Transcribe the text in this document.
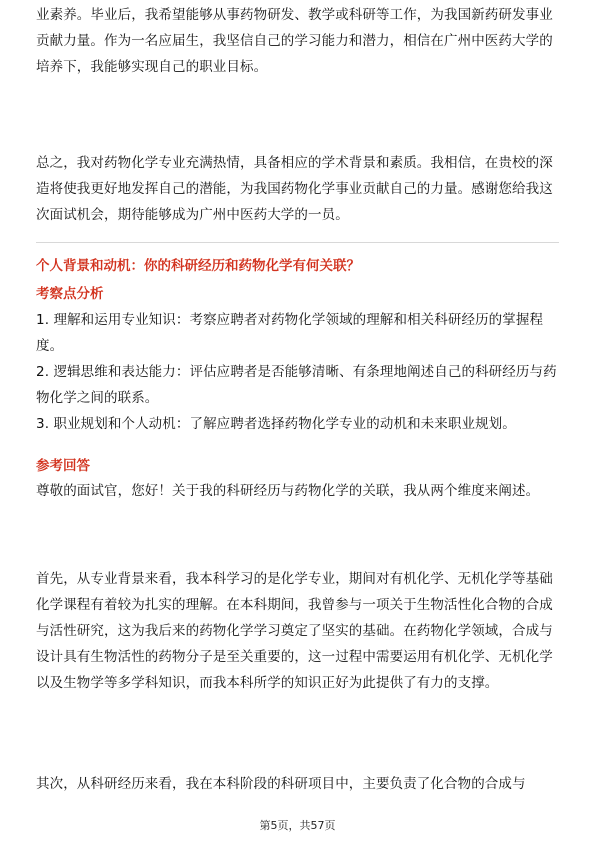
业素养。毕业后，我希望能够从事药物研发、教学或科研等工作，为我国新药研发事业贡献力量。作为一名应届生，我坚信自己的学习能力和潜力，相信在广州中医药大学的培养下，我能够实现自己的职业目标。

总之，我对药物化学专业充满热情，具备相应的学术背景和素质。我相信，在贵校的深造将使我更好地发挥自己的潜能，为我国药物化学事业贡献自己的力量。感谢您给我这次面试机会，期待能够成为广州中医药大学的一员。

个人背景和动机：你的科研经历和药物化学有何关联？

考察点分析

1. 理解和运用专业知识：考察应聘者对药物化学领域的理解和相关科研经历的掌握程度。

2. 逻辑思维和表达能力：评估应聘者是否能够清晰、有条理地阐述自己的科研经历与药物化学之间的联系。

3. 职业规划和个人动机：了解应聘者选择药物化学专业的动机和未来职业规划。

参考回答

尊敬的面试官，您好！关于我的科研经历与药物化学的关联，我从两个维度来阐述。

首先，从专业背景来看，我本科学习的是化学专业，期间对有机化学、无机化学等基础化学课程有着较为扎实的理解。在本科期间，我曾参与一项关于生物活性化合物的合成与活性研究，这为我后来的药物化学学习奠定了坚实的基础。在药物化学领域，合成与设计具有生物活性的药物分子是至关重要的，这一过程中需要运用有机化学、无机化学以及生物学等多学科知识，而我本科所学的知识正好为此提供了有力的支撑。

其次，从科研经历来看，我在本科阶段的科研项目中，主要负责了化合物的合成与

第5页，共57页
